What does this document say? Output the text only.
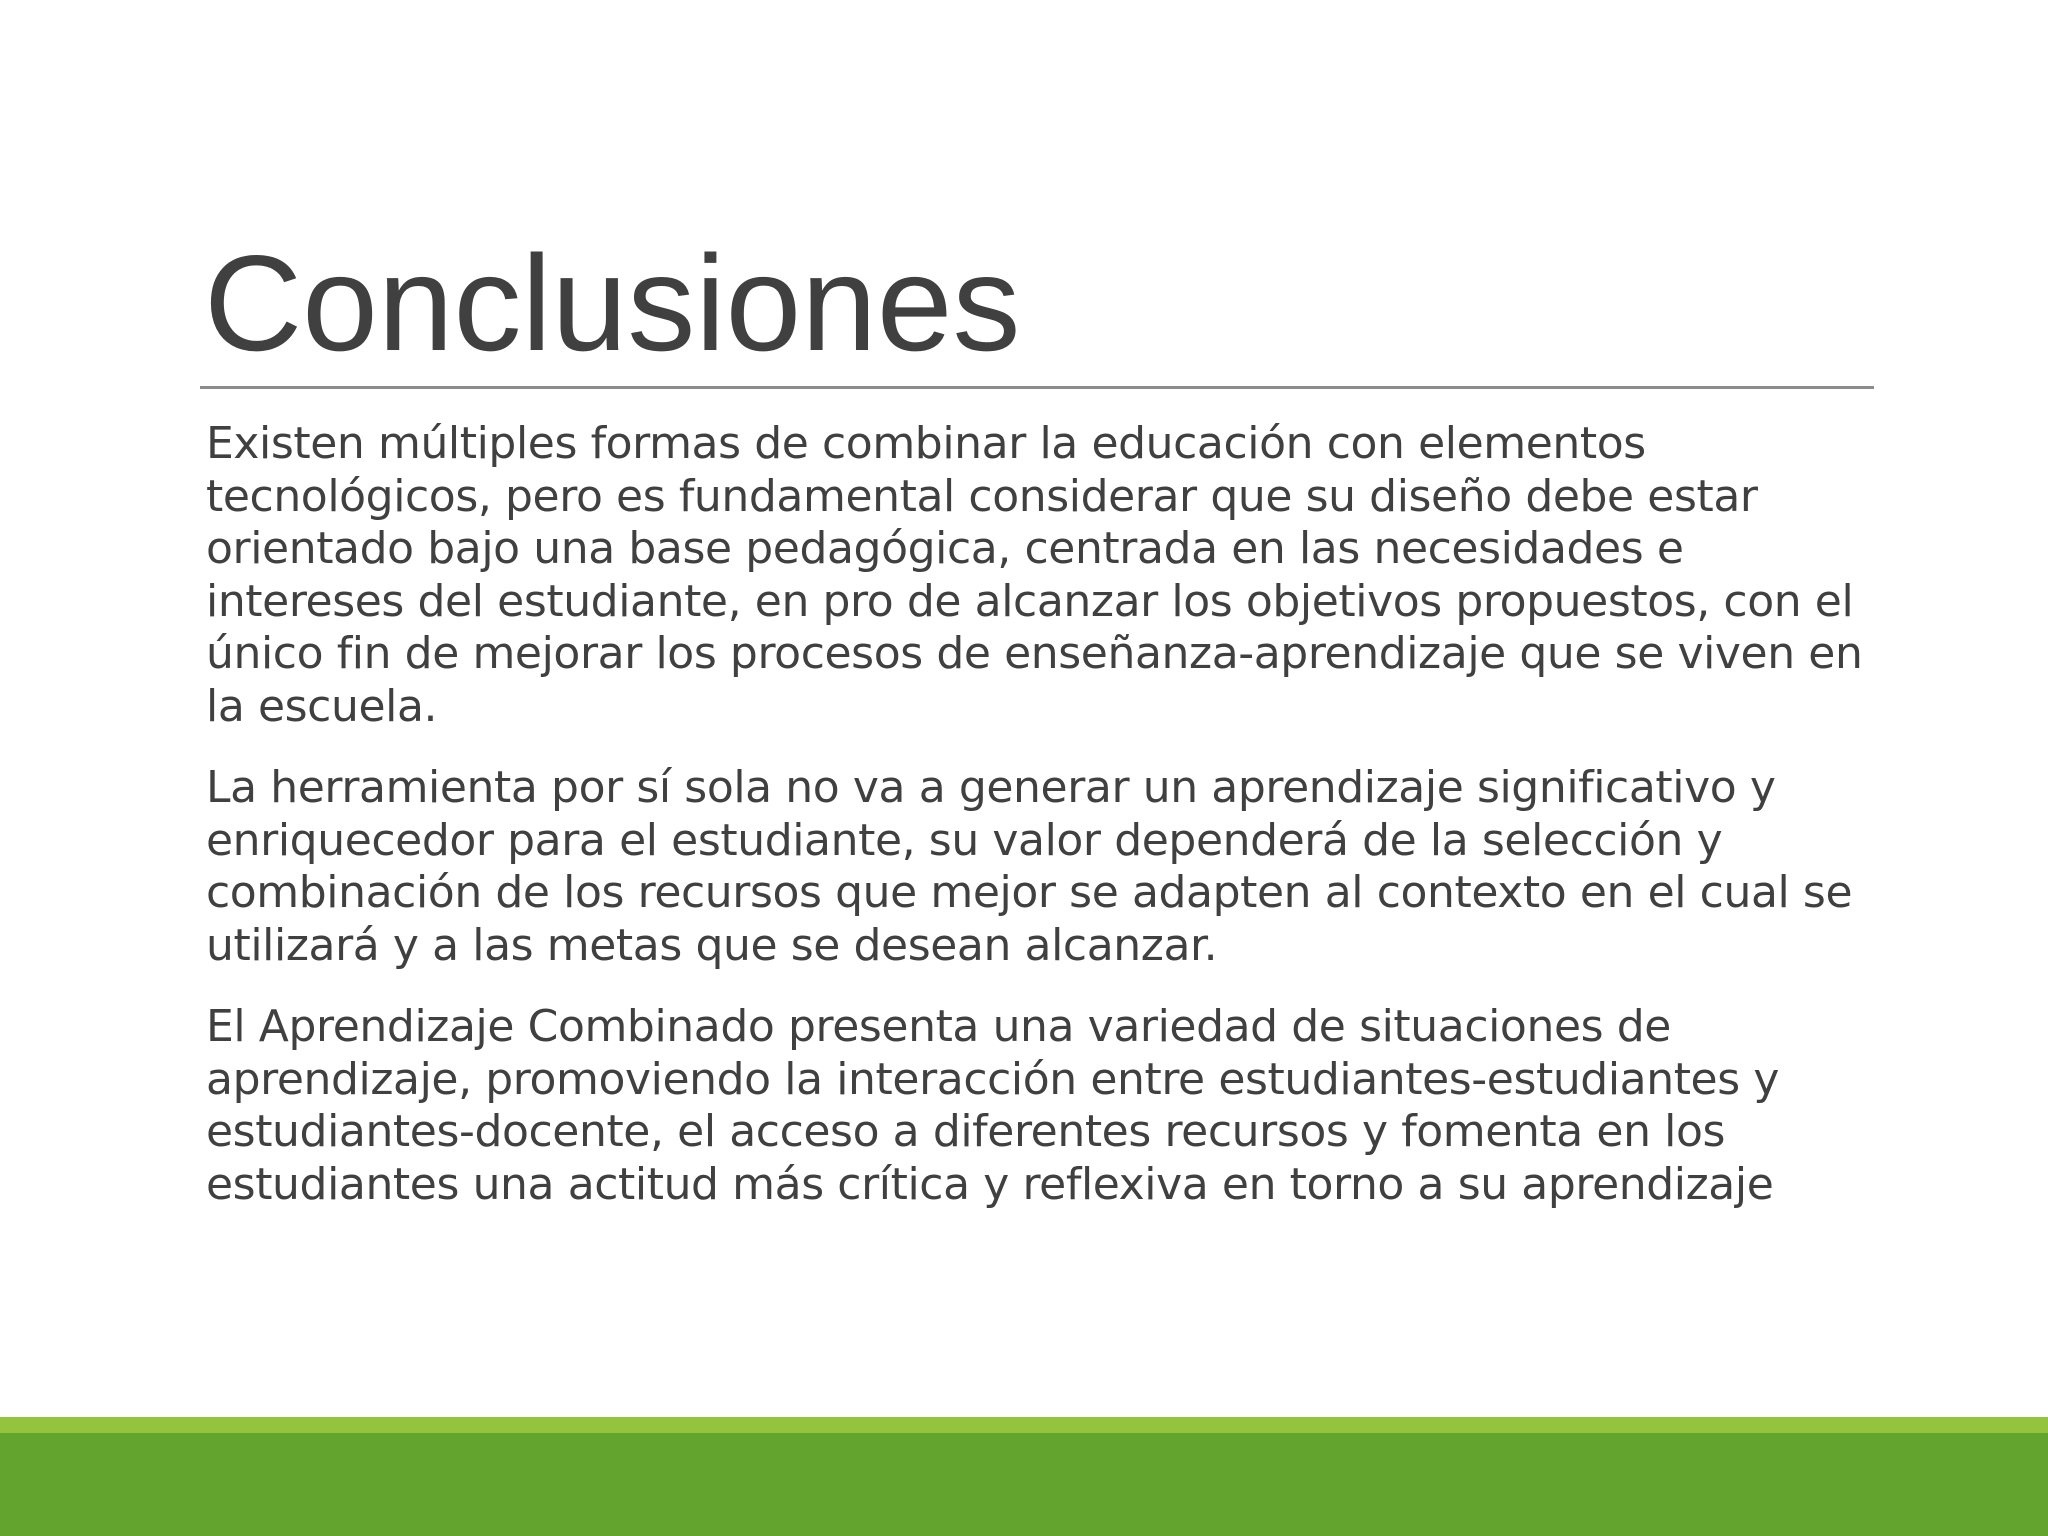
Conclusiones

Existen múltiples formas de combinar la educación con elementos tecnológicos, pero es fundamental considerar que su diseño debe estar orientado bajo una base pedagógica, centrada en las necesidades e intereses del estudiante, en pro de alcanzar los objetivos propuestos, con el único fin de mejorar los procesos de enseñanza-aprendizaje que se viven en la escuela.

La herramienta por sí sola no va a generar un aprendizaje significativo y enriquecedor para el estudiante, su valor dependerá de la selección y combinación de los recursos que mejor se adapten al contexto en el cual se utilizará y a las metas que se desean alcanzar.

El Aprendizaje Combinado presenta una variedad de situaciones de aprendizaje, promoviendo la interacción entre estudiantes-estudiantes y estudiantes-docente, el acceso a diferentes recursos y fomenta en los estudiantes una actitud más crítica y reflexiva en torno a su aprendizaje
